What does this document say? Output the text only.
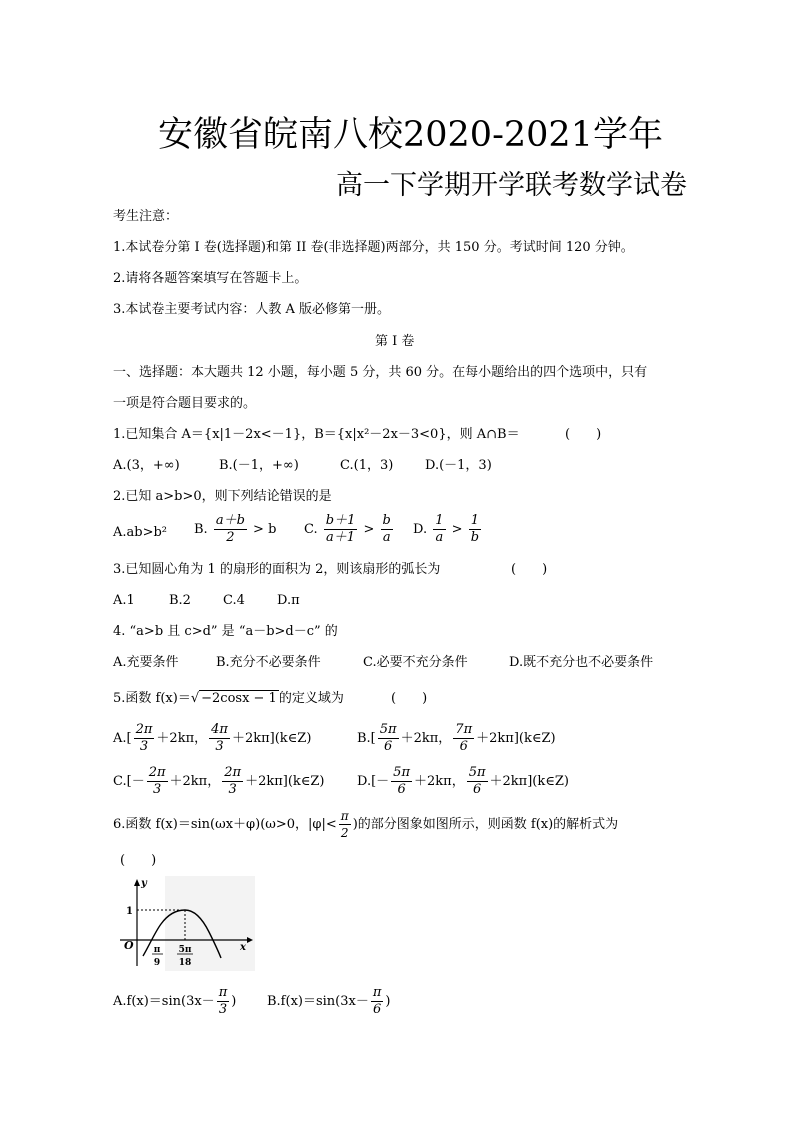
安徽省皖南八校2020-2021学年
高一下学期开学联考数学试卷
考生注意：
1.本试卷分第 I 卷(选择题)和第 II 卷(非选择题)两部分，共 150 分。考试时间 120 分钟。
2.请将各题答案填写在答题卡上。
3.本试卷主要考试内容：人教 A 版必修第一册。
第 I 卷
一、选择题：本大题共 12 小题，每小题 5 分，共 60 分。在每小题给出的四个选项中，只有
一项是符合题目要求的。
1.已知集合 A＝{x|1－2x<－1}，B＝{x|x²－2x－3<0}，则 A∩B＝	(　　)
A.(3，+∞)	B.(－1，+∞)	C.(1，3) D.(－1，3)
2.已知 a>b>0，则下列结论错误的是
A.ab>b² B. $\frac{a+b}{2} > b$ C. $\frac{b+1}{a+1} > \frac{b}{a} D$. $\frac{1}{a} > \frac{1}{b}$
3.已知圆心角为 1 的扇形的面积为 2，则该扇形的弧长为	(　　)
A.1	B.2 C.4 D.π
4. “a>b 且 c>d” 是 “a－b>d－c” 的
A.充要条件	B.充分不必要条件	C.必要不充分条件	D.既不充分也不必要条件
5.函数 f(x)＝√ −2cosx − 1 的定义域为	(　　)
$A.[ \frac{2\pi}{3} +2k\pi$， $\frac{4\pi}{3}$ ＋2kπ](k∈Z)	$B.[ \frac{5\pi}{6} +2k\pi$， $\frac{7\pi}{6}$ ＋2kπ](k∈Z)
$C.[- \frac{2\pi}{3} +2k\pi$， $\frac{2\pi}{3}$ ＋2kπ](k∈Z) $D.[- \frac{5\pi}{6} +2k\pi$， $\frac{5\pi}{6}$ ＋2kπ](k∈Z)
6.函数 f(x)＝sin(ωx＋φ)(ω>0，$|\varphi|< \frac{\pi}{2}$ )的部分图象如图所示，则函数 f(x)的解析式为
(　　)
y
x
O
1
π
9
5π
18
$A.f(x)=\sin(3x- \frac{\pi}{3}$ ) $B.f(x)=\sin(3x- \frac{\pi}{6}$ )
